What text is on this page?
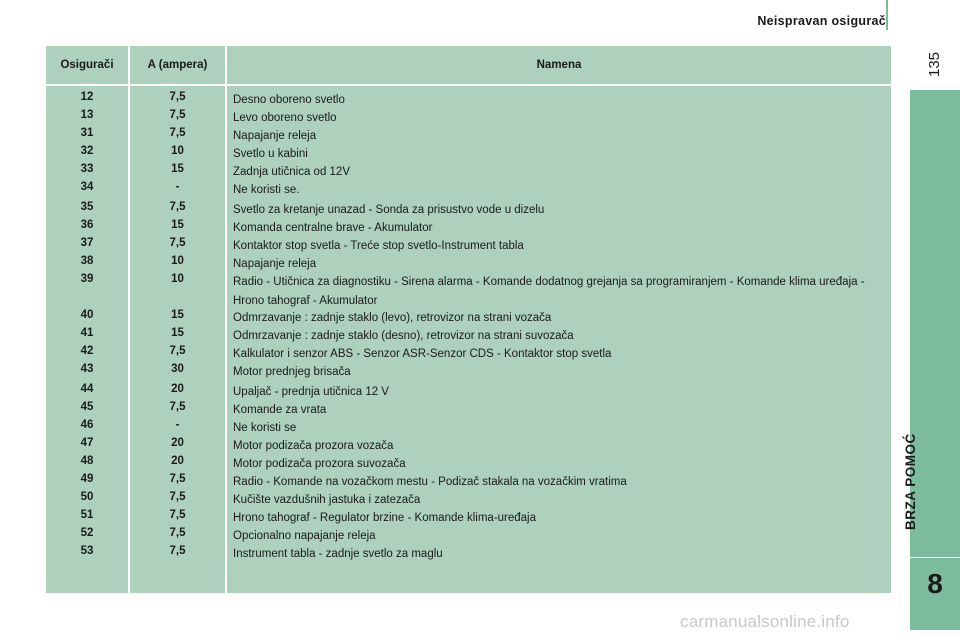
Neispravan osigurač
135
BRZA POMOĆ
8
Osigurači	A (ampera)	Namena
12	7,5	Desno oboreno svetlo
13	7,5	Levo oboreno svetlo
31	7,5	Napajanje releja
32	10	Svetlo u kabini
33	15	Zadnja utičnica od 12V
34	-	Ne koristi se.
35	7,5	Svetlo za kretanje unazad - Sonda za prisustvo vode u dizelu
36	15	Komanda centralne brave - Akumulator
37	7,5	Kontaktor stop svetla - Treće stop svetlo-Instrument tabla
38	10	Napajanje releja
39	10	Radio - Utičnica za diagnostiku - Sirena alarma - Komande dodatnog grejanja sa programiranjem - Komande klima uređaja - Hrono tahograf - Akumulator
40	15	Odmrzavanje : zadnje staklo (levo), retrovizor na strani vozača
41	15	Odmrzavanje : zadnje staklo (desno), retrovizor na strani suvozača
42	7,5	Kalkulator i senzor ABS - Senzor ASR-Senzor CDS - Kontaktor stop svetla
43	30	Motor prednjeg brisača
44	20	Upaljač - prednja utičnica 12 V
45	7,5	Komande za vrata
46	-	Ne koristi se
47	20	Motor podizača prozora vozača
48	20	Motor podizača prozora suvozača
49	7,5	Radio - Komande na vozačkom mestu - Podizač stakala na vozačkim vratima
50	7,5	Kučište vazdušnih jastuka i zatezača
51	7,5	Hrono tahograf - Regulator brzine - Komande klima-uređaja
52	7,5	Opcionalno napajanje releja
53	7,5	Instrument tabla - zadnje svetlo za maglu
carmanualsonline.info
